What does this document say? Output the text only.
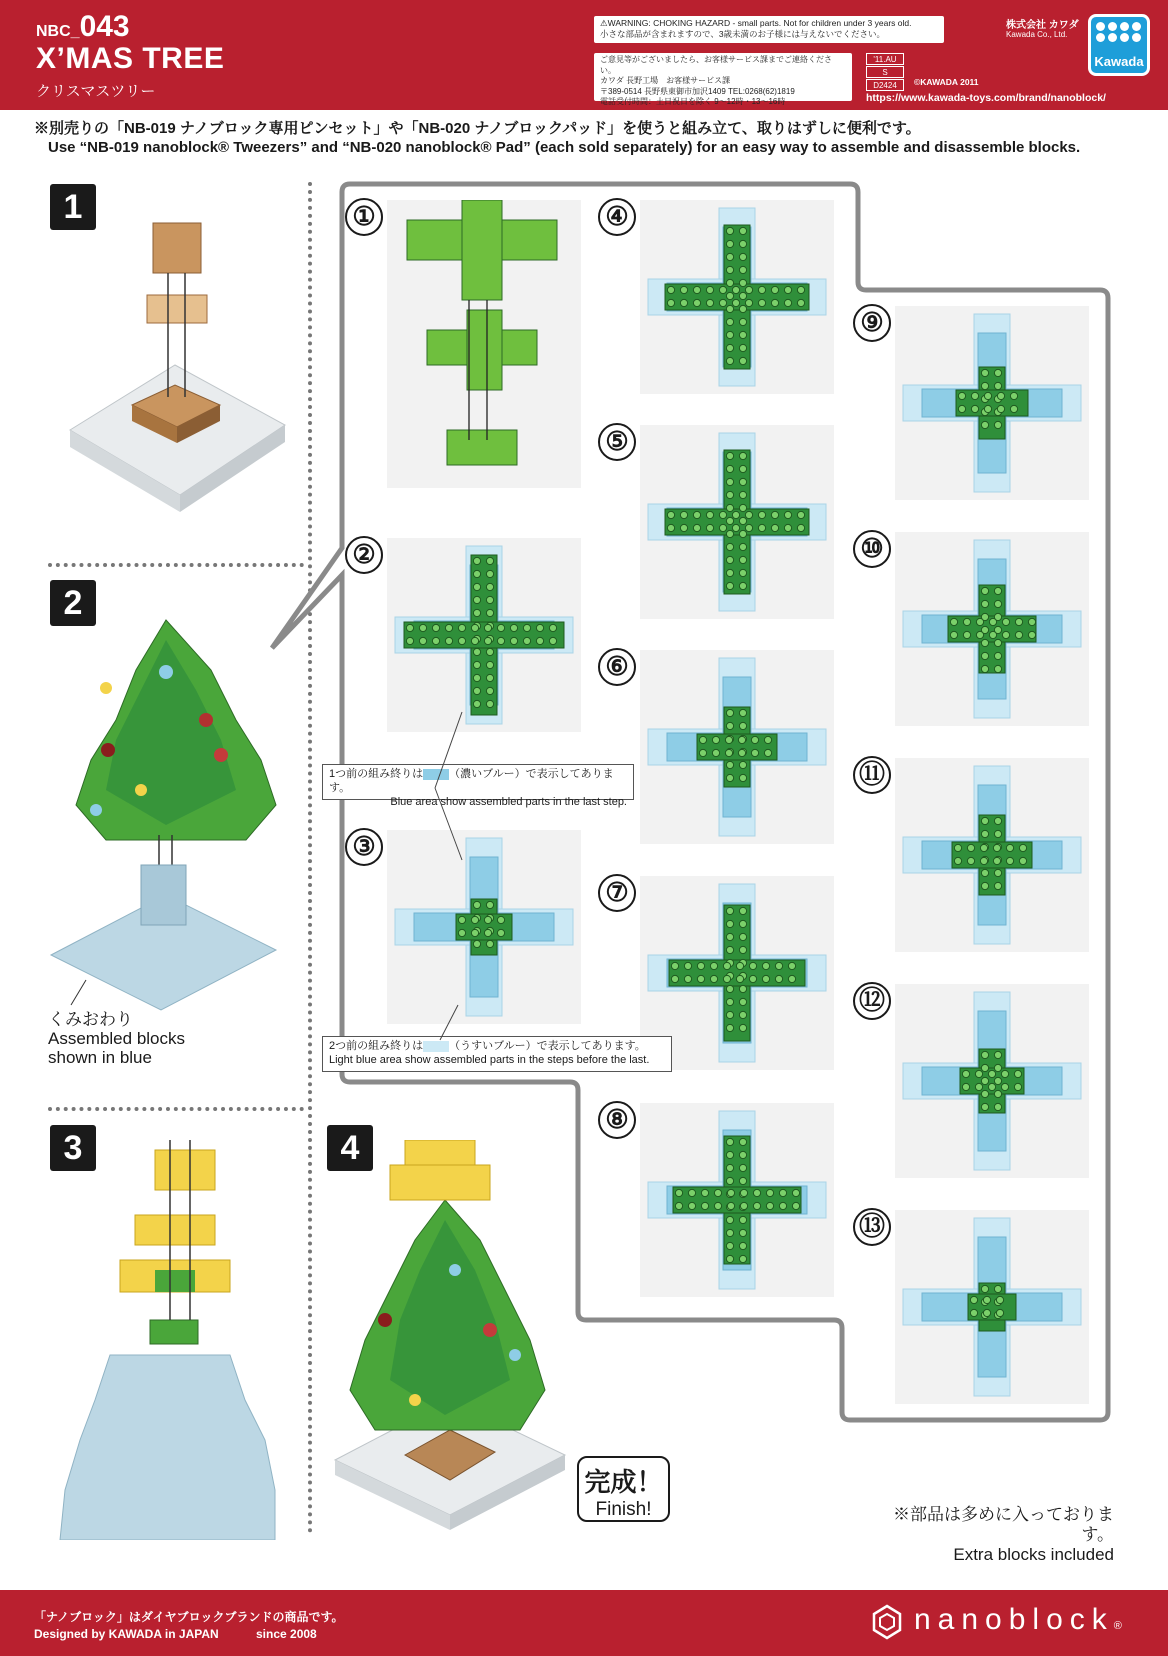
NBC_043
X’MAS TREE
クリスマスツリー
⚠WARNING: CHOKING HAZARD - small parts. Not for children under 3 years old.
小さな部品が含まれますので、3歳未満のお子様には与えないでください。
ご意見等がございましたら、お客様サービス課までご連絡ください。
カワダ 長野工場　お客様サービス課
〒389-0514 長野県東御市加沢1409 TEL:0268(62)1819
電話受付時間：土日祝日を除く 9〜12時・13〜16時
'11.AU
S
D2424	©KAWADA 2011
https://www.kawada-toys.com/brand/nanoblock/
株式会社 カワダ
Kawada Co., Ltd.
Kawada
※別売りの「NB-019 ナノブロック専用ピンセット」や「NB-020 ナノブロックパッド」を使うと組み立て、取りはずしに便利です。
Use “NB-019 nanoblock® Tweezers” and “NB-020 nanoblock® Pad” (each sold separately) for an easy way to assemble and disassemble blocks.
1
2
3	4
くみおわり
Assembled blocks
shown in blue
完成！
Finish!	※部品は多めに入っております。
Extra blocks included
①
②
③
④
⑤
⑥
⑦
⑧
⑨
⑩
⑪
⑫
⑬
1つ前の組み終りは （濃いブルー）で表示してあります。
Blue area show assembled parts in the last step.
2つ前の組み終りは （うすいブルー）で表示してあります。
Light blue area show assembled parts in the steps before the last.
「ナノブロック」はダイヤブロックブランドの商品です。
Designed by KAWADA in JAPAN	since 2008	nanoblock®
